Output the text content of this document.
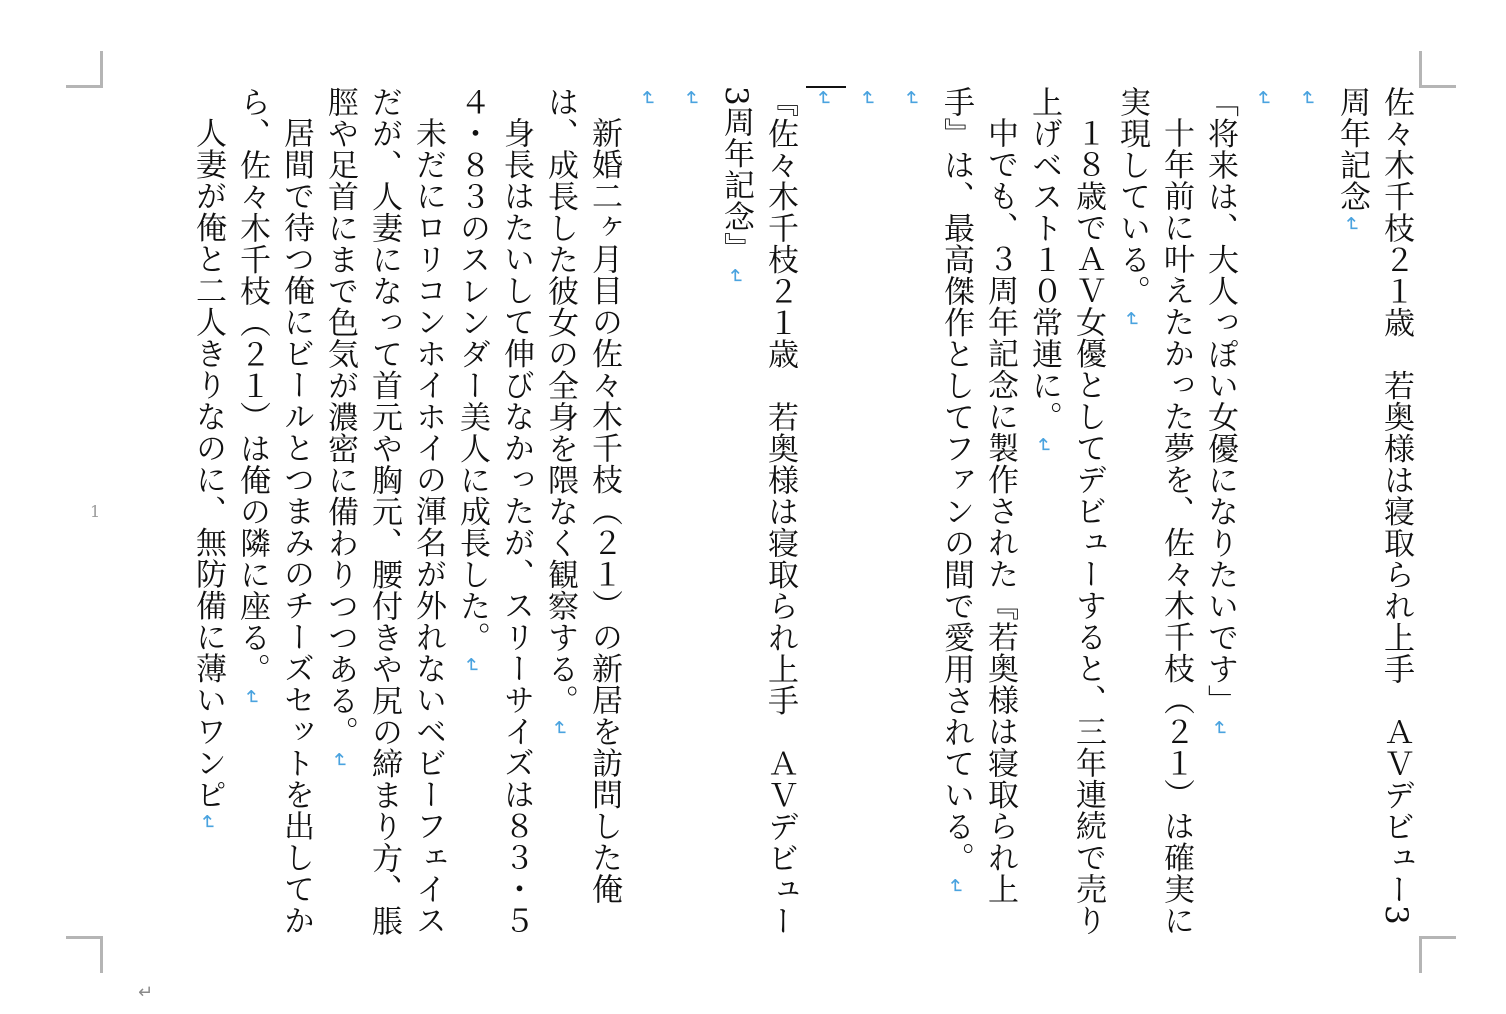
佐々木千枝２１歳　若奥様は寝取られ上手　ＡＶデビュー3周年記念↵

↵

↵

「将来は、大人っぽい女優になりたいです」↵

　十年前に叶えたかった夢を、佐々木千枝（２１）は確実に実現している。↵

　１８歳でＡＶ女優としてデビューすると、三年連続で売り上げベスト１０常連に。↵

　中でも、３周年記念に製作された『若奥様は寝取られ上手』は、最高傑作としてファンの間で愛用されている。↵

↵

↵

↵

『佐々木千枝２１歳　若奥様は寝取られ上手　ＡＶデビュー3周年記念』↵

↵

↵

　新婚二ヶ月目の佐々木千枝（２１）の新居を訪問した俺は、成長した彼女の全身を隈なく観察する。↵

　身長はたいして伸びなかったが、スリーサイズは８３・５４・８３のスレンダー美人に成長した。↵

　未だにロリコンホイホイの渾名が外れないベビーフェイスだが、人妻になって首元や胸元、腰付きや尻の締まり方、脹脛や足首にまで色気が濃密に備わりつつある。↵

　居間で待つ俺にビールとつまみのチーズセットを出してから、佐々木千枝（２１）は俺の隣に座る。↵

　人妻が俺と二人きりなのに、無防備に薄いワンピ↵

1
↵
